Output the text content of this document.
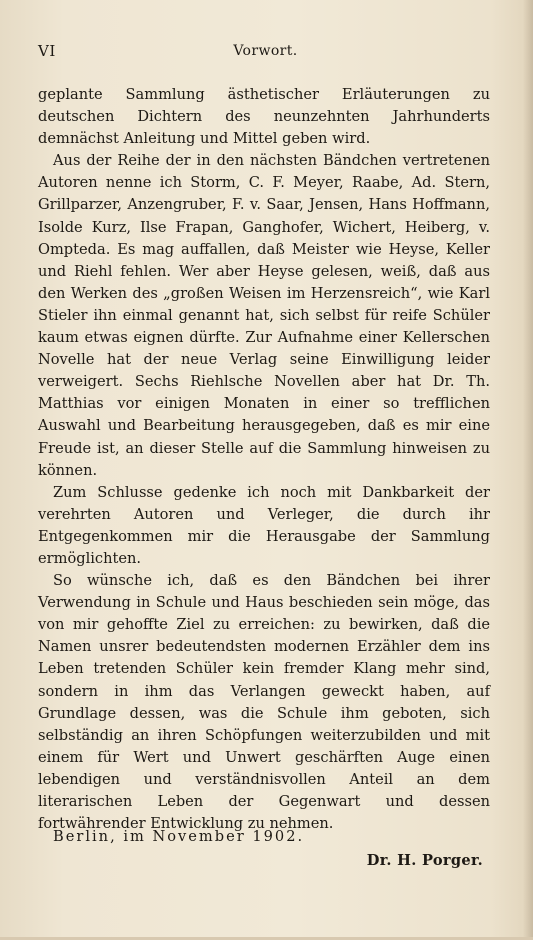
VI	Vorwort.

geplante Sammlung ästhetischer Erläuterungen zu deutschen Dichtern des neunzehnten Jahrhunderts demnächst Anleitung und Mittel geben wird.

Aus der Reihe der in den nächsten Bändchen vertretenen Autoren nenne ich Storm, C. F. Meyer, Raabe, Ad. Stern, Grillparzer, Anzengruber, F. v. Saar, Jensen, Hans Hoffmann, Isolde Kurz, Ilse Frapan, Ganghofer, Wichert, Heiberg, v. Ompteda. Es mag auffallen, daß Meister wie Heyse, Keller und Riehl fehlen. Wer aber Heyse gelesen, weiß, daß aus den Werken des „großen Weisen im Herzensreich“, wie Karl Stieler ihn einmal genannt hat, sich selbst für reife Schüler kaum etwas eignen dürfte. Zur Aufnahme einer Kellerschen Novelle hat der neue Verlag seine Einwilligung leider verweigert. Sechs Riehlsche Novellen aber hat Dr. Th. Matthias vor einigen Monaten in einer so trefflichen Auswahl und Bearbeitung herausgegeben, daß es mir eine Freude ist, an dieser Stelle auf die Sammlung hinweisen zu können.

Zum Schlusse gedenke ich noch mit Dankbarkeit der verehrten Autoren und Verleger, die durch ihr Entgegenkommen mir die Herausgabe der Sammlung ermöglichten.

So wünsche ich, daß es den Bändchen bei ihrer Verwendung in Schule und Haus beschieden sein möge, das von mir gehoffte Ziel zu erreichen: zu bewirken, daß die Namen unsrer bedeutendsten modernen Erzähler dem ins Leben tretenden Schüler kein fremder Klang mehr sind, sondern in ihm das Verlangen geweckt haben, auf Grundlage dessen, was die Schule ihm geboten, sich selbständig an ihren Schöpfungen weiterzubilden und mit einem für Wert und Unwert geschärften Auge einen lebendigen und verständnisvollen Anteil an dem literarischen Leben der Gegenwart und dessen fortwährender Entwicklung zu nehmen.

Berlin, im November 1902.
Dr. H. Porger.
